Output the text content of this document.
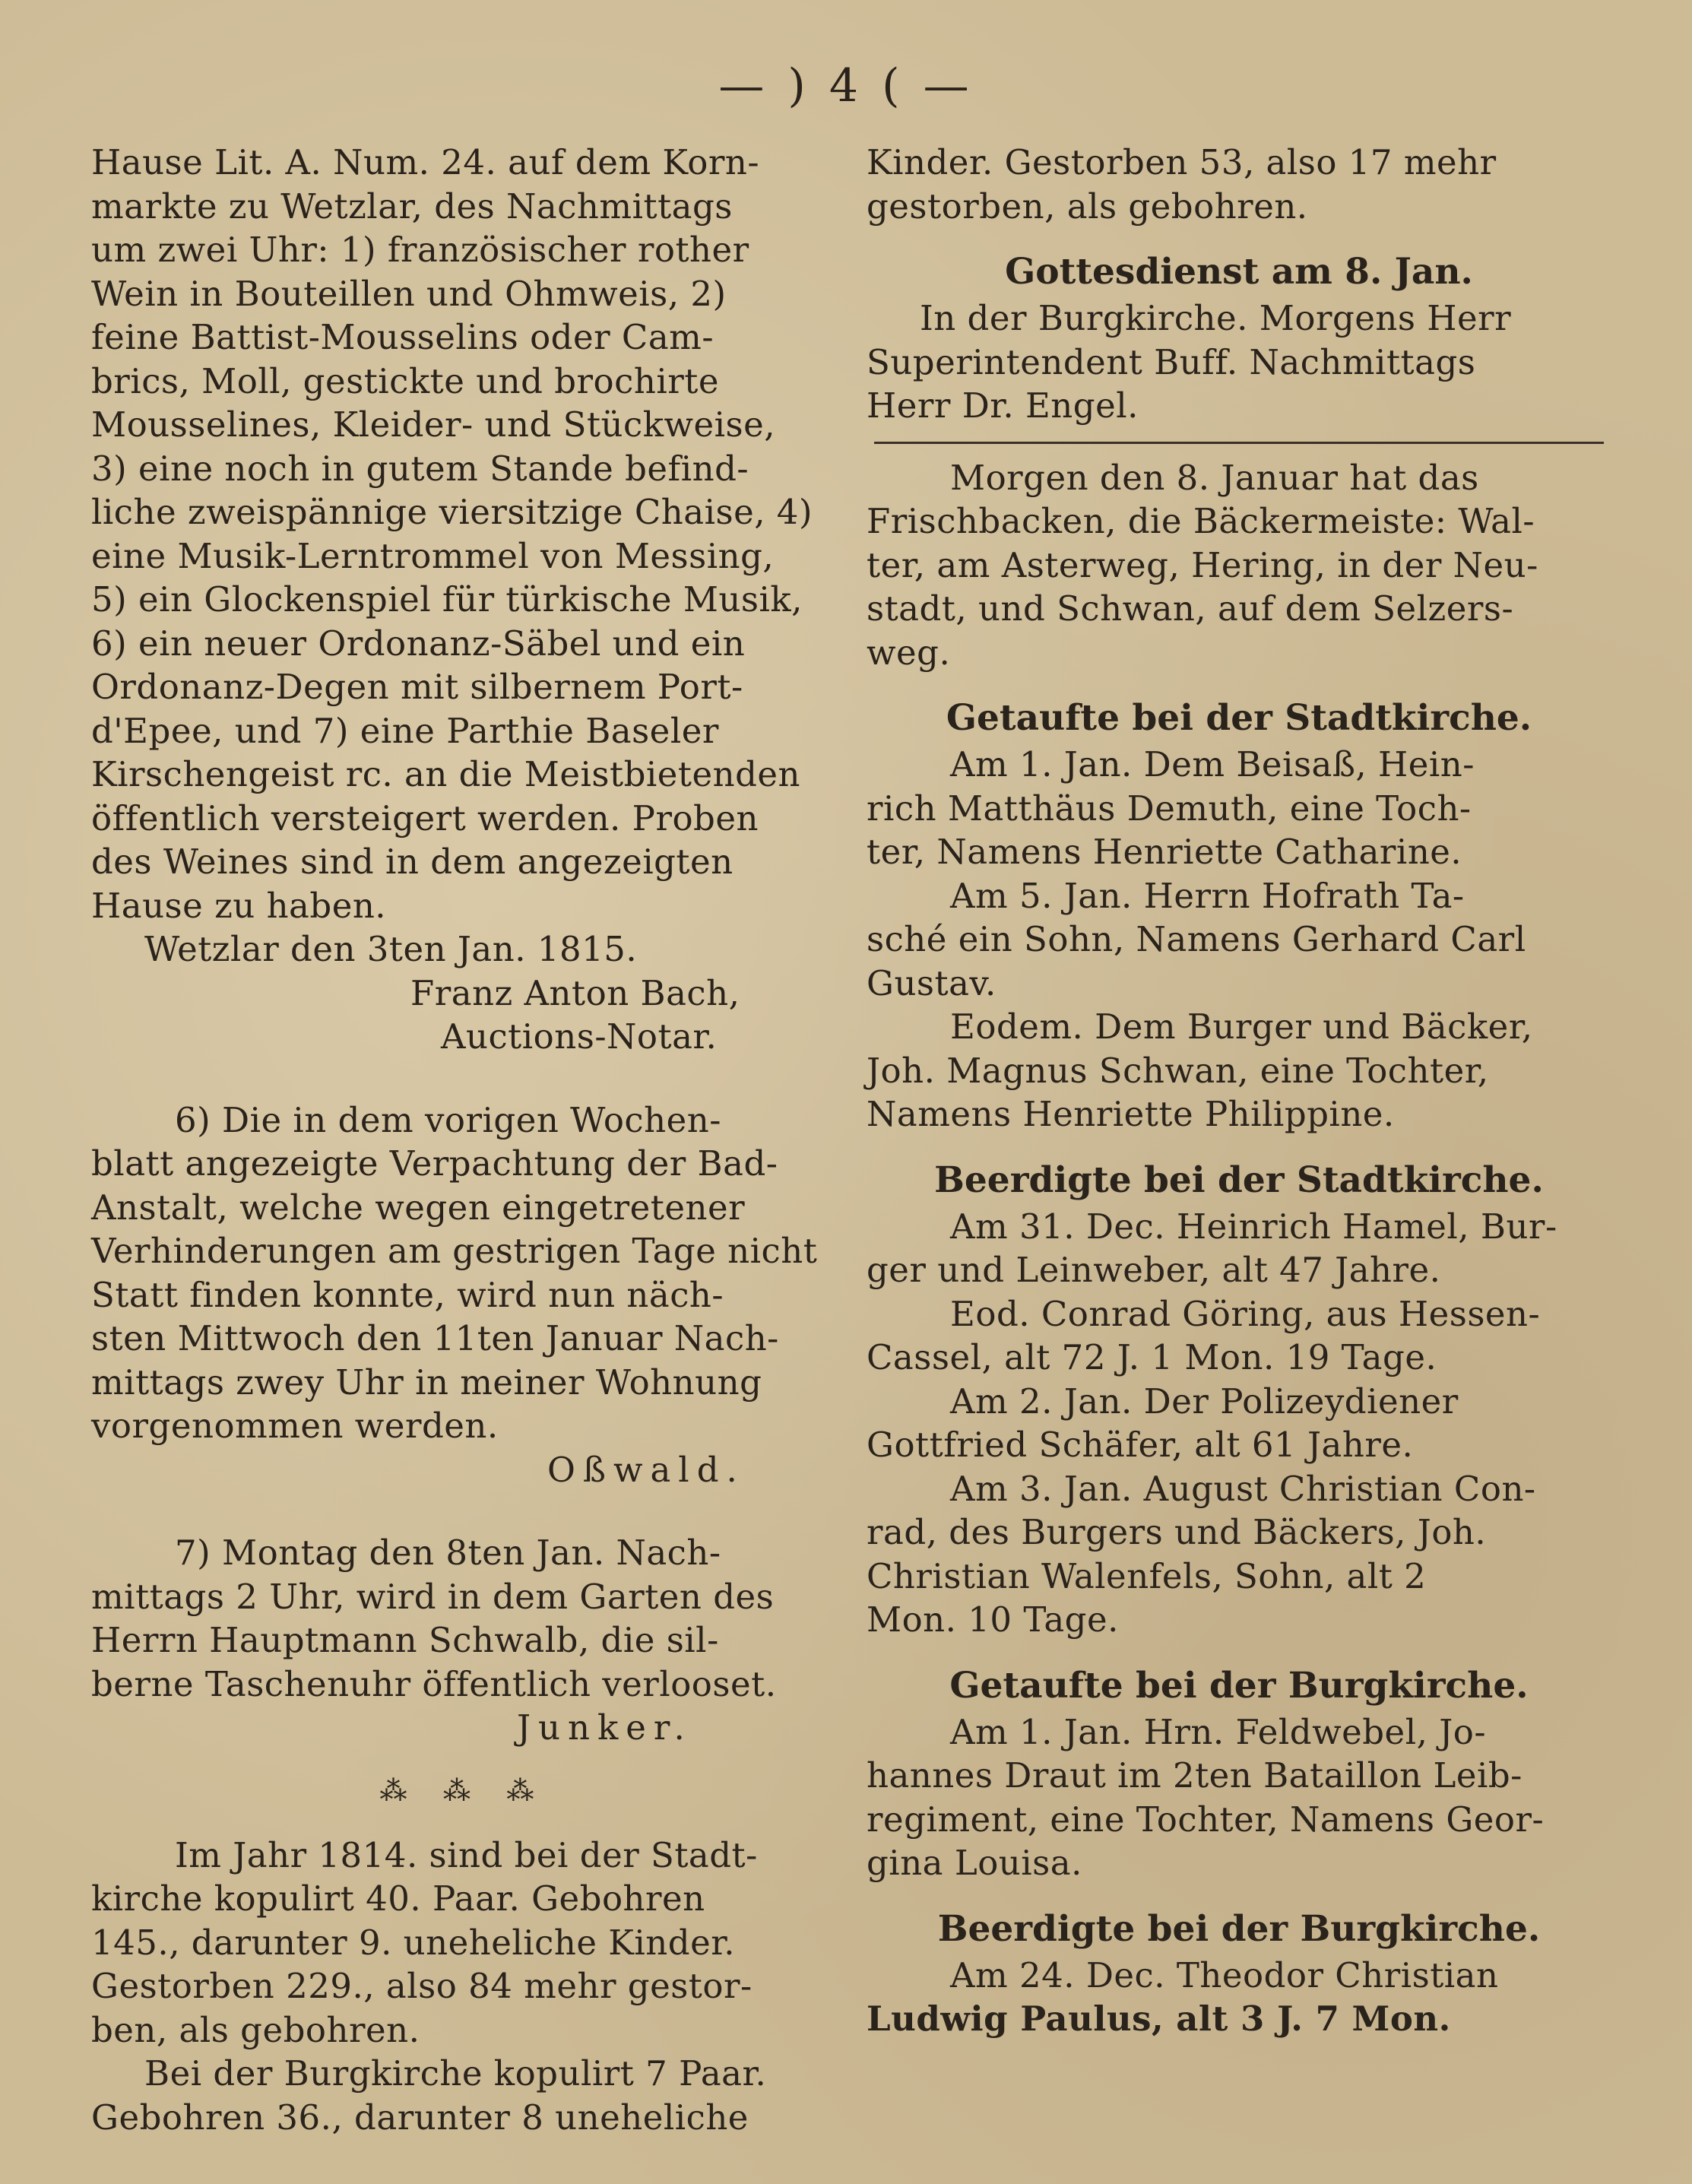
— ) 4 ( —
Hause Lit. A. Num. 24. auf dem Korn-
markte zu Wetzlar, des Nachmittags
um zwei Uhr: 1) französischer rother
Wein in Bouteillen und Ohmweis, 2)
feine Battist-Mousselins oder Cam-
brics, Moll, gestickte und brochirte
Mousselines, Kleider- und Stückweise,
3) eine noch in gutem Stande befind-
liche zweispännige viersitzige Chaise, 4)
eine Musik-Lerntrommel von Messing,
5) ein Glockenspiel für türkische Musik,
6) ein neuer Ordonanz-Säbel und ein
Ordonanz-Degen mit silbernem Port-
d'Epee, und 7) eine Parthie Baseler
Kirschengeist rc. an die Meistbietenden
öffentlich versteigert werden. Proben
des Weines sind in dem angezeigten
Hause zu haben.
Wetzlar den 3ten Jan. 1815.
Franz Anton Bach,
Auctions-Notar.
6) Die in dem vorigen Wochen-
blatt angezeigte Verpachtung der Bad-
Anstalt, welche wegen eingetretener
Verhinderungen am gestrigen Tage nicht
Statt finden konnte, wird nun näch-
sten Mittwoch den 11ten Januar Nach-
mittags zwey Uhr in meiner Wohnung
vorgenommen werden.
Oßwald.
7) Montag den 8ten Jan. Nach-
mittags 2 Uhr, wird in dem Garten des
Herrn Hauptmann Schwalb, die sil-
berne Taschenuhr öffentlich verlooset.
Junker.
⁂ ⁂ ⁂
Im Jahr 1814. sind bei der Stadt-
kirche kopulirt 40. Paar. Gebohren
145., darunter 9. uneheliche Kinder.
Gestorben 229., also 84 mehr gestor-
ben, als gebohren.
Bei der Burgkirche kopulirt 7 Paar.
Gebohren 36., darunter 8 uneheliche
Kinder. Gestorben 53, also 17 mehr
gestorben, als gebohren.
Gottesdienst am 8. Jan.
In der Burgkirche. Morgens Herr
Superintendent Buff. Nachmittags
Herr Dr. Engel.
Morgen den 8. Januar hat das
Frischbacken, die Bäckermeiste: Wal-
ter, am Asterweg, Hering, in der Neu-
stadt, und Schwan, auf dem Selzers-
weg.
Getaufte bei der Stadtkirche.
Am 1. Jan. Dem Beisaß, Hein-
rich Matthäus Demuth, eine Toch-
ter, Namens Henriette Catharine.
Am 5. Jan. Herrn Hofrath Ta-
sché ein Sohn, Namens Gerhard Carl
Gustav.
Eodem. Dem Burger und Bäcker,
Joh. Magnus Schwan, eine Tochter,
Namens Henriette Philippine.
Beerdigte bei der Stadtkirche.
Am 31. Dec. Heinrich Hamel, Bur-
ger und Leinweber, alt 47 Jahre.
Eod. Conrad Göring, aus Hessen-
Cassel, alt 72 J. 1 Mon. 19 Tage.
Am 2. Jan. Der Polizeydiener
Gottfried Schäfer, alt 61 Jahre.
Am 3. Jan. August Christian Con-
rad, des Burgers und Bäckers, Joh.
Christian Walenfels, Sohn, alt 2
Mon. 10 Tage.
Getaufte bei der Burgkirche.
Am 1. Jan. Hrn. Feldwebel, Jo-
hannes Draut im 2ten Bataillon Leib-
regiment, eine Tochter, Namens Geor-
gina Louisa.
Beerdigte bei der Burgkirche.
Am 24. Dec. Theodor Christian
Ludwig Paulus, alt 3 J. 7 Mon.
